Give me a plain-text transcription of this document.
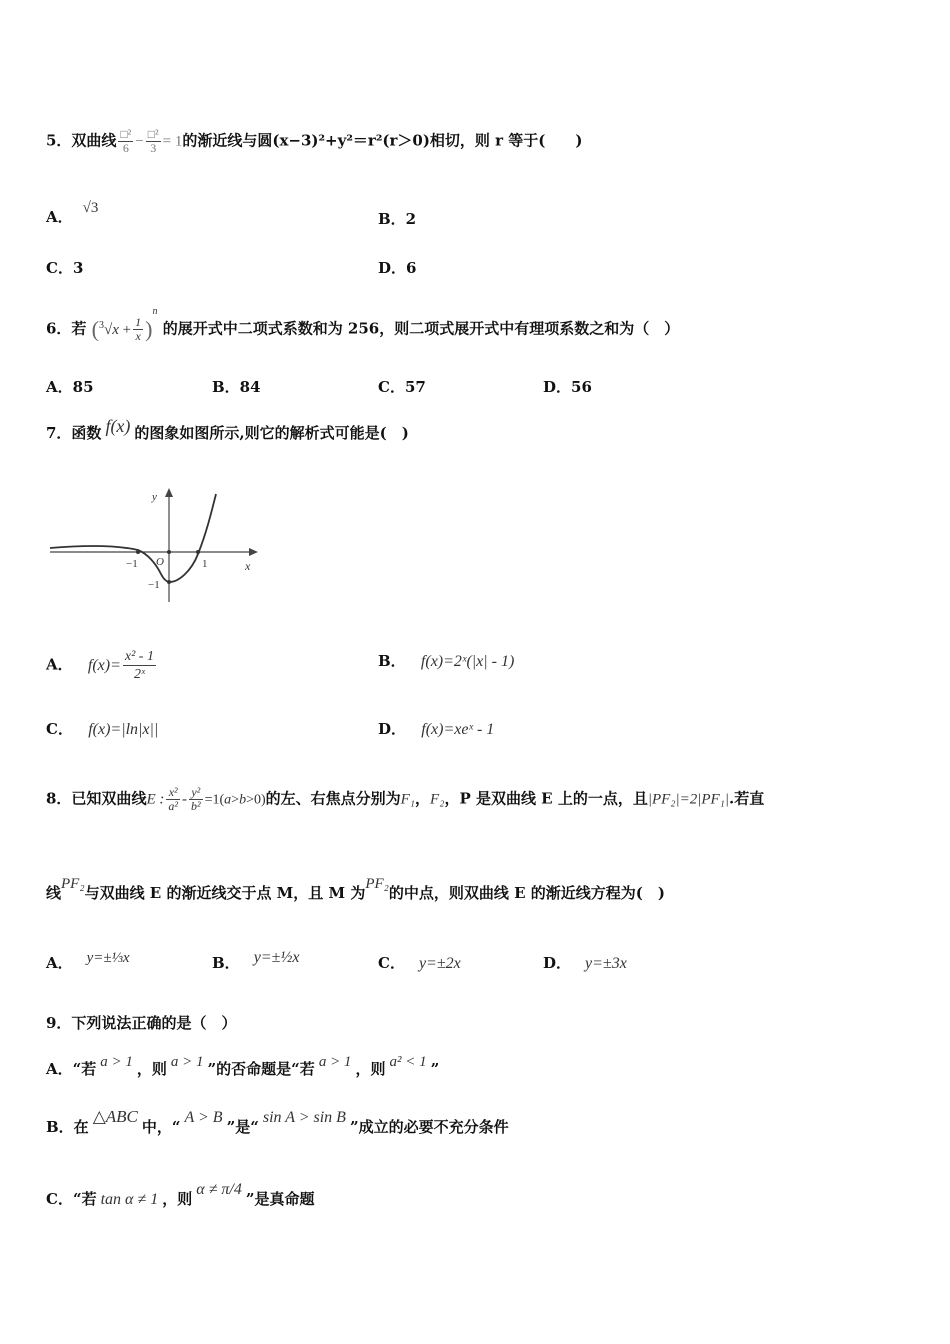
5．双曲线 $\frac{\text{□²}}{6} - \frac{\text{□²}}{3} = 1$的渐近线与圆(x−3)²+y²＝r²(r＞0)相切，则 r 等于(　　)
A． √3
B．2
C．3	D．6
6．若 $(^3√x + \frac{1}{x} )^n$ 的展开式中二项式系数和为 256，则二项式展开式中有理项系数之和为（　）
A．85	B．84	C．57	D．56
7．函数 f(x) 的图象如图所示,则它的解析式可能是(　)
y
x
O
−1	1
−1
A． $f(x)= \frac{\text{x² - 1}}{\text{2ˣ}}$	B． f(x)=2ˣ(|x| - 1)
C． f(x)=|ln|x||	D． f(x)=xeˣ - 1
8．已知双曲线E : $\frac{\text{x²}}{\text{a²}} - \frac{\text{y²}}{\text{b²}} =1(a>b>0)$的左、右焦点分别为F₁，F₂，P 是双曲线 E 上的一点，且|PF₂|=2|PF₁|.若直
线PF₂与双曲线 E 的渐近线交于点 M，且 M 为PF₂的中点，则双曲线 E 的渐近线方程为(　)
A． y=±⅓x	B． y=±½x	C． y=±2x	D． y=±3x
9．下列说法正确的是（　）
A．“若 a > 1 ，则 a > 1 ”的否命题是“若 a > 1 ，则 a² < 1 ”
B．在△ABC中，“A > B”是“sin A > sin B”成立的必要不充分条件
C．“若 tan α ≠ 1 ，则α ≠ π/4”是真命题
